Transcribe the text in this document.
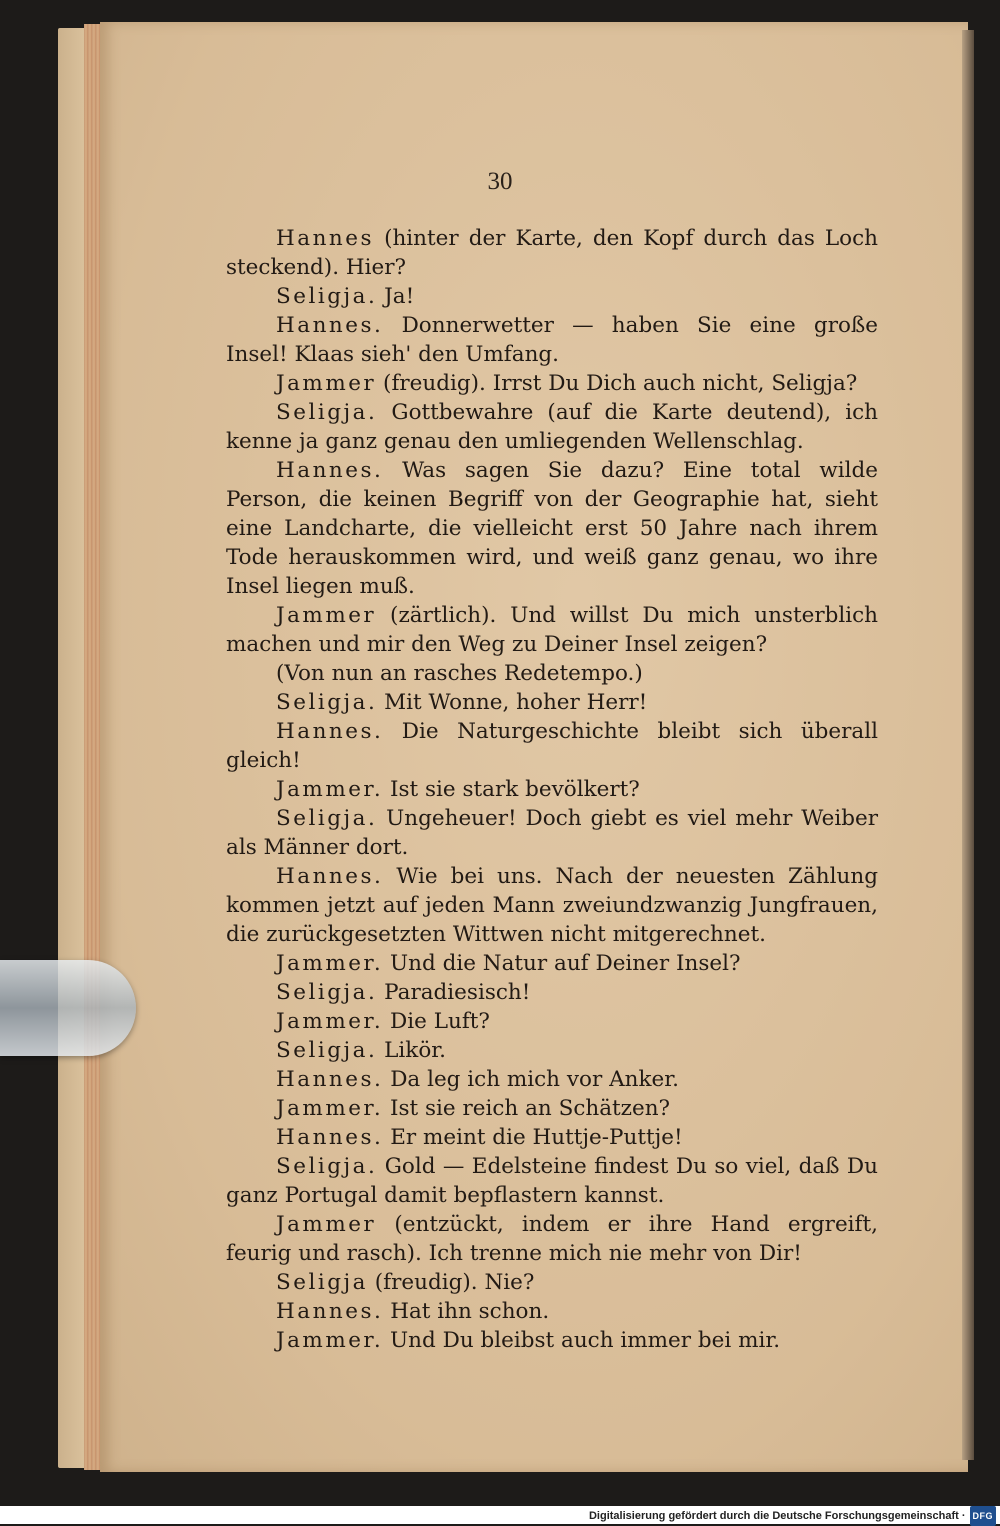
30

Hannes (hinter der Karte, den Kopf durch das Loch steckend). Hier?

Seligja. Ja!

Hannes. Donnerwetter — haben Sie eine große Insel! Klaas sieh' den Umfang.

Jammer (freudig). Irrst Du Dich auch nicht, Seligja?

Seligja. Gottbewahre (auf die Karte deutend), ich kenne ja ganz genau den umliegenden Wellenschlag.

Hannes. Was sagen Sie dazu? Eine total wilde Person, die keinen Begriff von der Geographie hat, sieht eine Landcharte, die vielleicht erst 50 Jahre nach ihrem Tode herauskommen wird, und weiß ganz genau, wo ihre Insel liegen muß.

Jammer (zärtlich). Und willst Du mich unsterblich machen und mir den Weg zu Deiner Insel zeigen?

(Von nun an rasches Redetempo.)

Seligja. Mit Wonne, hoher Herr!

Hannes. Die Naturgeschichte bleibt sich überall gleich!

Jammer. Ist sie stark bevölkert?

Seligja. Ungeheuer! Doch giebt es viel mehr Weiber als Männer dort.

Hannes. Wie bei uns. Nach der neuesten Zählung kommen jetzt auf jeden Mann zweiundzwanzig Jungfrauen, die zurückgesetzten Wittwen nicht mitgerechnet.

Jammer. Und die Natur auf Deiner Insel?

Seligja. Paradiesisch!

Jammer. Die Luft?

Seligja. Likör.

Hannes. Da leg ich mich vor Anker.

Jammer. Ist sie reich an Schätzen?

Hannes. Er meint die Huttje-Puttje!

Seligja. Gold — Edelsteine findest Du so viel, daß Du ganz Portugal damit bepflastern kannst.

Jammer (entzückt, indem er ihre Hand ergreift, feurig und rasch). Ich trenne mich nie mehr von Dir!

Seligja (freudig). Nie?

Hannes. Hat ihn schon.

Jammer. Und Du bleibst auch immer bei mir.

Digitalisierung gefördert durch die Deutsche Forschungsgemeinschaft · DFG
